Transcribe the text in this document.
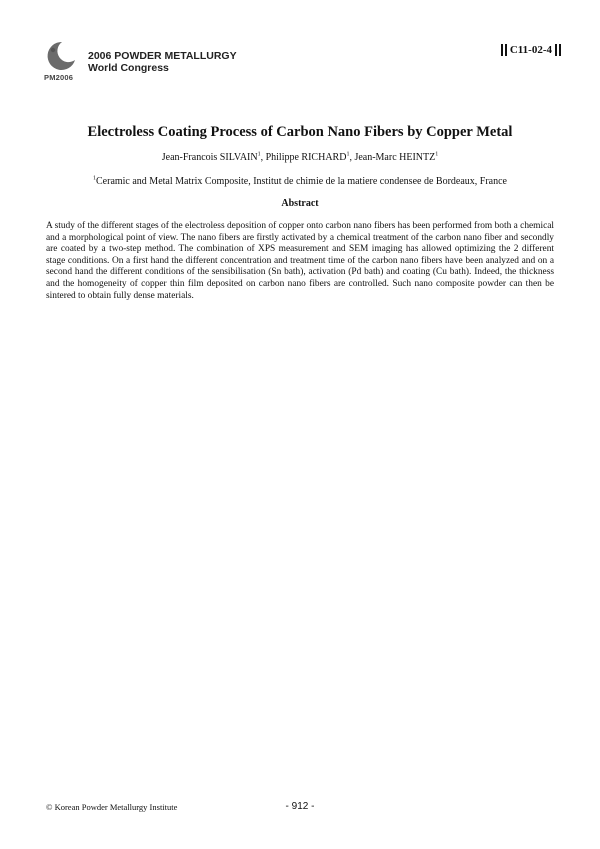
PM2006
2006 POWDER METALLURGY
World Congress
C11-02-4
Electroless Coating Process of Carbon Nano Fibers by Copper Metal
Jean-Francois SILVAIN$^1$, Philippe RICHARD$^1$, Jean-Marc HEINTZ$^1$
$^1$Ceramic and Metal Matrix Composite, Institut de chimie de la matiere condensee de Bordeaux, France
Abstract

A study of the different stages of the electroless deposition of copper onto carbon nano fibers has been performed from both a chemical and a morphological point of view. The nano fibers are firstly activated by a chemical treatment of the carbon nano fiber and secondly are coated by a two-step method. The combination of XPS measurement and SEM imaging has allowed optimizing the 2 different stage conditions. On a first hand the different concentration and treatment time of the carbon nano fibers have been analyzed and on a second hand the different conditions of the sensibilisation (Sn bath), activation (Pd bath) and coating (Cu bath). Indeed, the thickness and the homogeneity of copper thin film deposited on carbon nano fibers are controlled. Such nano composite powder can then be sintered to obtain fully dense materials.

© Korean Powder Metallurgy Institute	- 912 -
